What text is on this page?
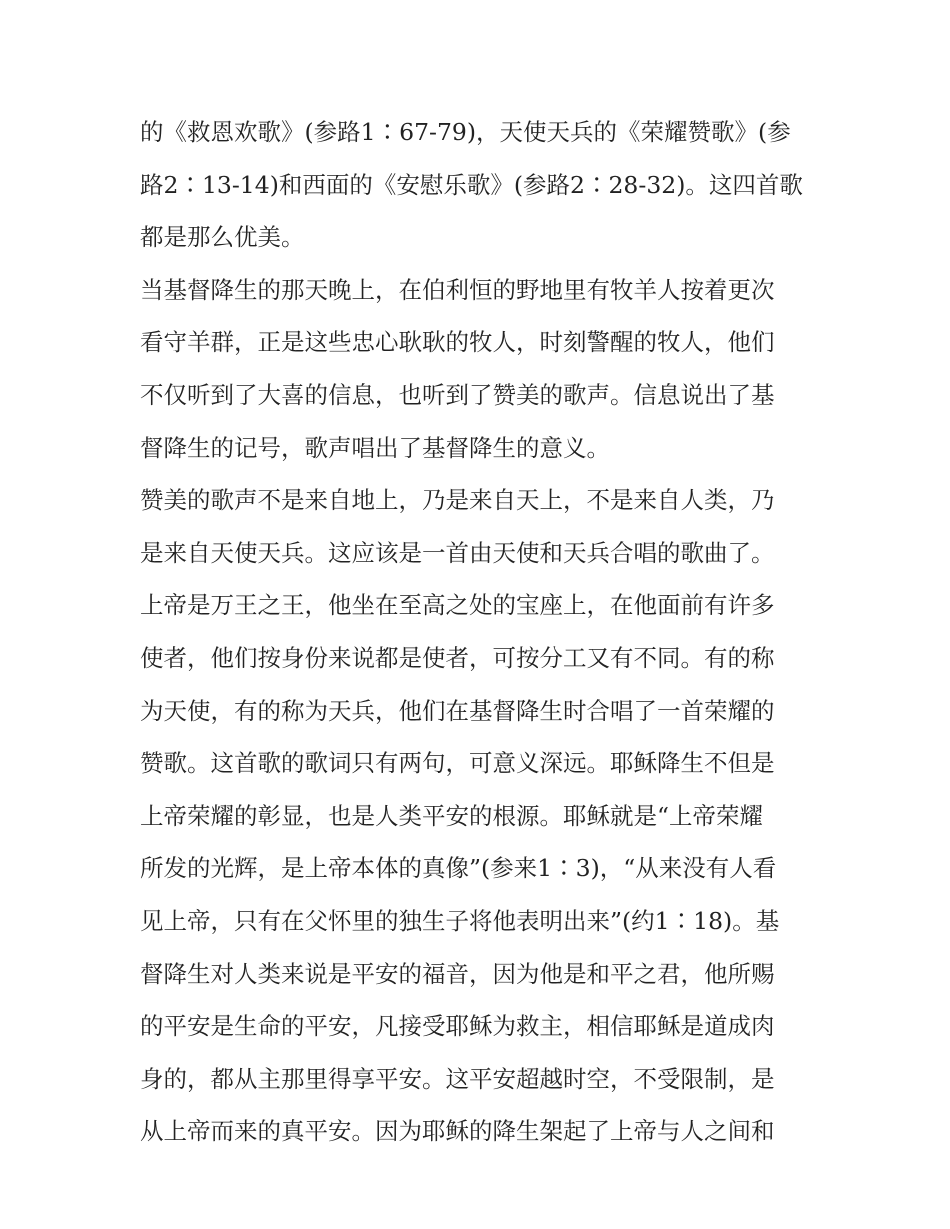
的《救恩欢歌》(参路1∶67-79)，天使天兵的《荣耀赞歌》(参
路2∶13-14)和西面的《安慰乐歌》(参路2∶28-32)。这四首歌
都是那么优美。
当基督降生的那天晚上，在伯利恒的野地里有牧羊人按着更次
看守羊群，正是这些忠心耿耿的牧人，时刻警醒的牧人，他们
不仅听到了大喜的信息，也听到了赞美的歌声。信息说出了基
督降生的记号，歌声唱出了基督降生的意义。
赞美的歌声不是来自地上，乃是来自天上，不是来自人类，乃
是来自天使天兵。这应该是一首由天使和天兵合唱的歌曲了。
上帝是万王之王，他坐在至高之处的宝座上，在他面前有许多
使者，他们按身份来说都是使者，可按分工又有不同。有的称
为天使，有的称为天兵，他们在基督降生时合唱了一首荣耀的
赞歌。这首歌的歌词只有两句，可意义深远。耶稣降生不但是
上帝荣耀的彰显，也是人类平安的根源。耶稣就是“上帝荣耀
所发的光辉，是上帝本体的真像”(参来1∶3)，“从来没有人看
见上帝，只有在父怀里的独生子将他表明出来”(约1∶18)。基
督降生对人类来说是平安的福音，因为他是和平之君，他所赐
的平安是生命的平安，凡接受耶稣为救主，相信耶稣是道成肉
身的，都从主那里得享平安。这平安超越时空，不受限制，是
从上帝而来的真平安。因为耶稣的降生架起了上帝与人之间和
